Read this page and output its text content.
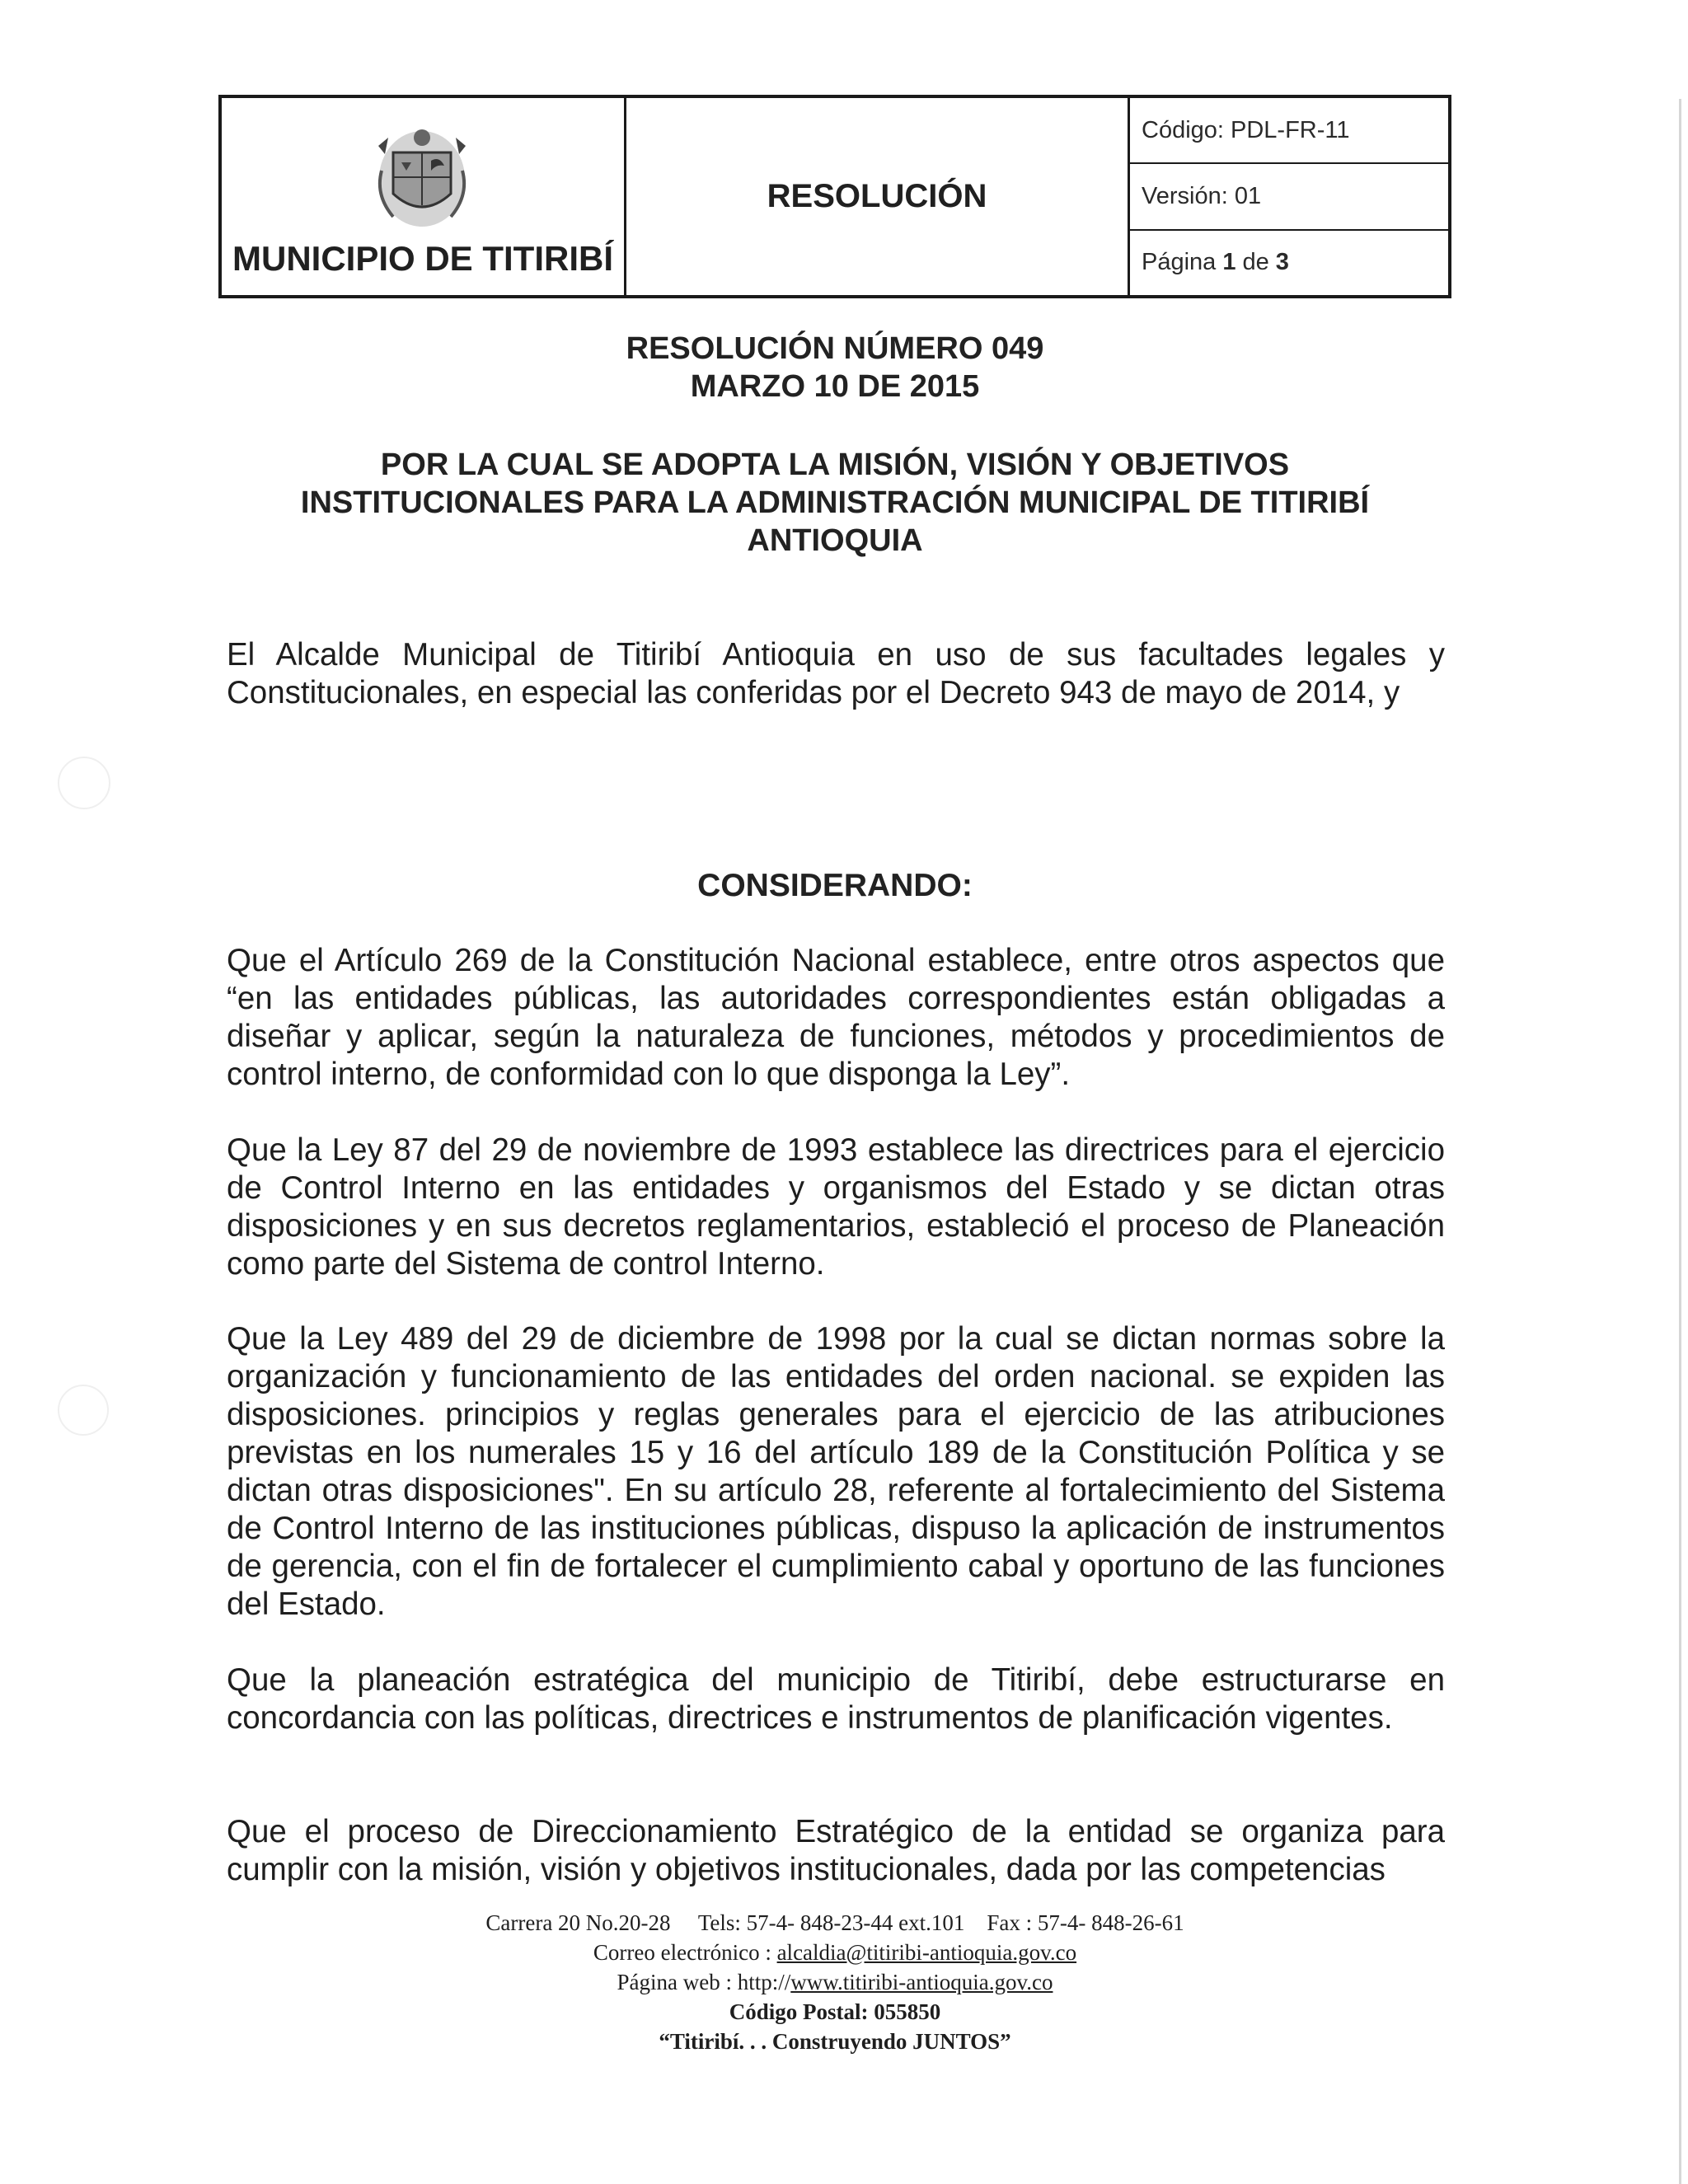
MUNICIPIO DE TITIRIBÍ
RESOLUCIÓN
Código: PDL-FR-11
Versión: 01
Página 1 de 3
RESOLUCIÓN NÚMERO 049
MARZO 10 DE 2015
POR LA CUAL SE ADOPTA LA MISIÓN, VISIÓN Y OBJETIVOS
INSTITUCIONALES PARA LA ADMINISTRACIÓN MUNICIPAL DE TITIRIBÍ
ANTIOQUIA

El Alcalde Municipal de Titiribí Antioquia en uso de sus facultades legales y Constitucionales, en especial las conferidas por el Decreto 943 de mayo de 2014, y

CONSIDERANDO:

Que el Artículo 269 de la Constitución Nacional establece, entre otros aspectos que “en las entidades públicas, las autoridades correspondientes están obligadas a diseñar y aplicar, según la naturaleza de funciones, métodos y procedimientos de control interno, de conformidad con lo que disponga la Ley”.

Que la Ley 87 del 29 de noviembre de 1993 establece las directrices para el ejercicio de Control Interno en las entidades y organismos del Estado y se dictan otras disposiciones y en sus decretos reglamentarios, estableció el proceso de Planeación como parte del Sistema de control Interno.

Que la Ley 489 del 29 de diciembre de 1998 por la cual se dictan normas sobre la organización y funcionamiento de las entidades del orden nacional. se expiden las disposiciones. principios y reglas generales para el ejercicio de las atribuciones previstas en los numerales 15 y 16 del artículo 189 de la Constitución Política y se dictan otras disposiciones". En su artículo 28, referente al fortalecimiento del Sistema de Control Interno de las instituciones públicas, dispuso la aplicación de instrumentos de gerencia, con el fin de fortalecer el cumplimiento cabal y oportuno de las funciones del Estado.

Que la planeación estratégica del municipio de Titiribí, debe estructurarse en concordancia con las políticas, directrices e instrumentos de planificación vigentes.

Que el proceso de Direccionamiento Estratégico de la entidad se organiza para cumplir con la misión, visión y objetivos institucionales, dada por las competencias

Carrera 20 No.20-28 Tels: 57-4- 848-23-44 ext.101 Fax : 57-4- 848-26-61
Correo electrónico : alcaldia@titiribi-antioquia.gov.co
Página web : http://www.titiribi-antioquia.gov.co
Código Postal: 055850
“Titiribí. . . Construyendo JUNTOS”
